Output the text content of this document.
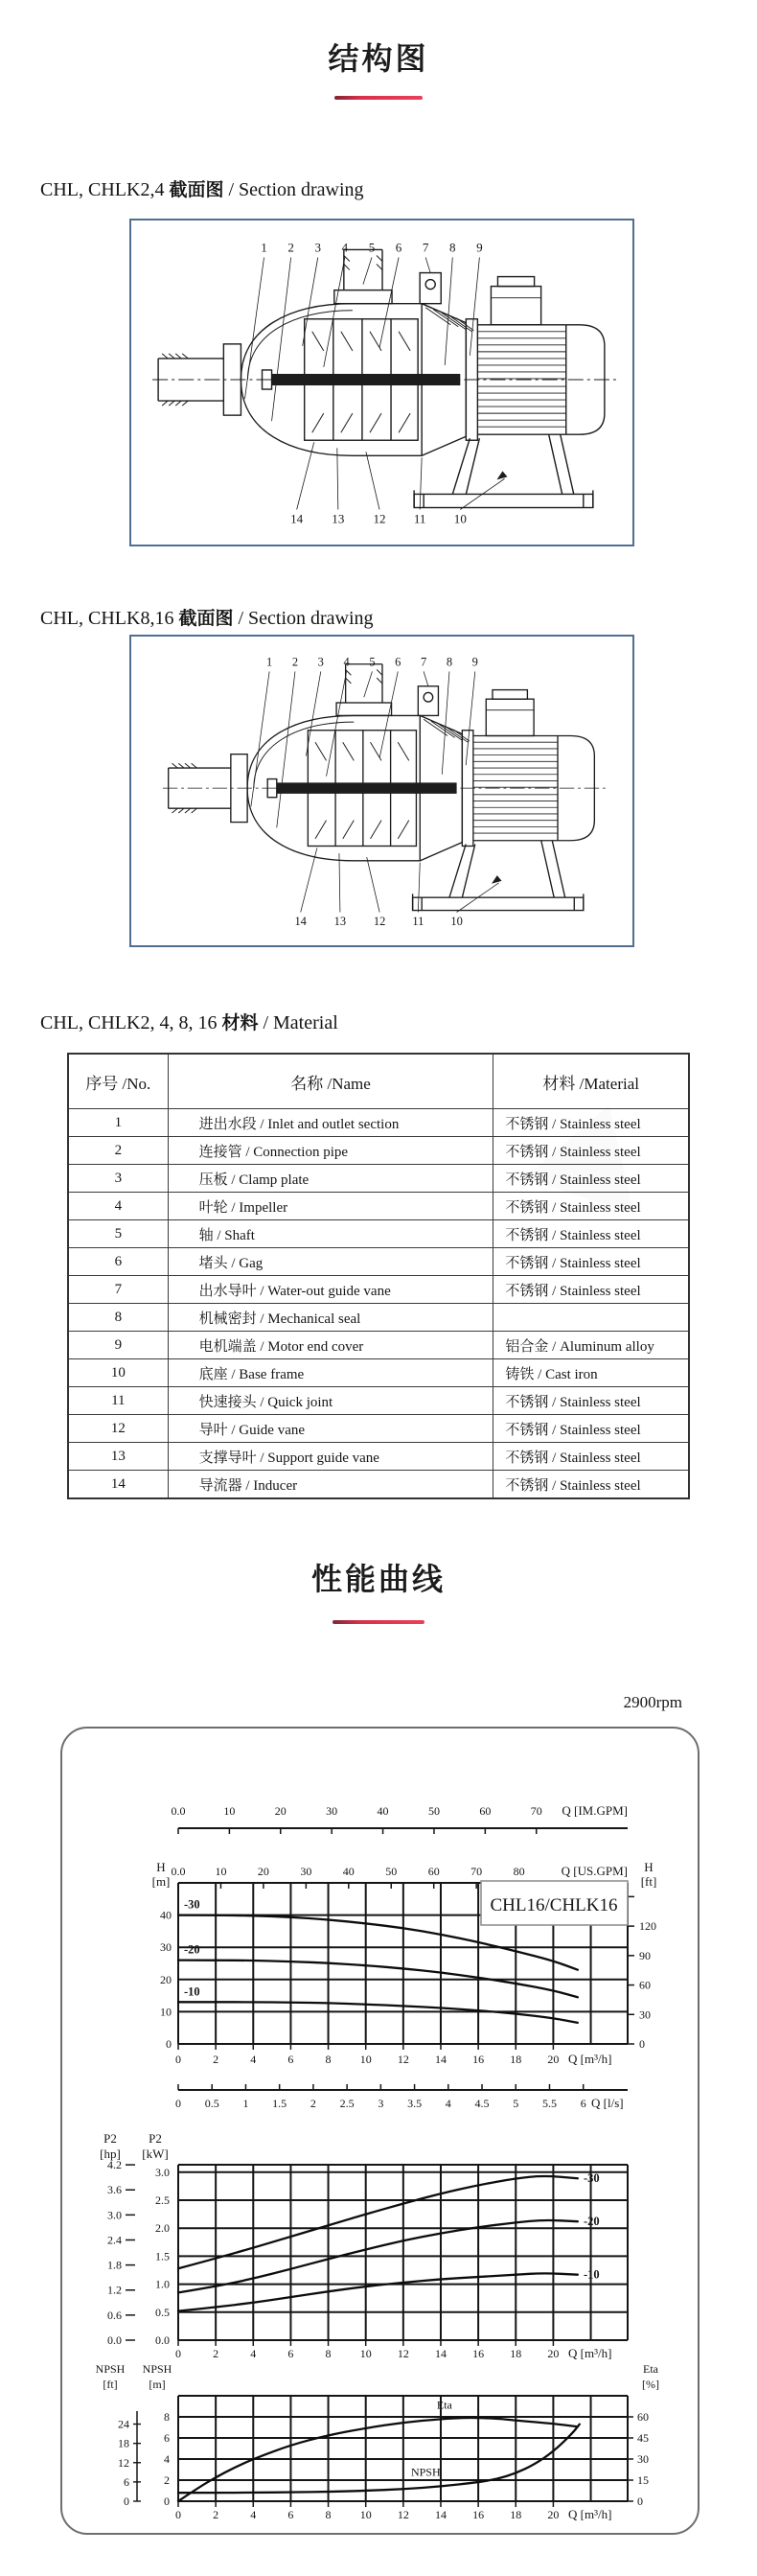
结构图
CHL, CHLK2,4 截面图 / Section drawing
1 2 3 4 5 6 7 8 9
14 13 12 11 10
CHL, CHLK8,16 截面图 / Section drawing
1 2 3 4 5 6 7 8 9
14 13 12 11 10
CHL, CHLK2, 4, 8, 16 材料 / Material
序号 /No.	名称 /Name	材料 /Material
1	进出水段 / Inlet and outlet section	不锈钢 / Stainless steel
2	连接管 / Connection pipe	不锈钢 / Stainless steel
3	压板 / Clamp plate	不锈钢 / Stainless steel
4	叶轮 / Impeller	不锈钢 / Stainless steel
5	轴 / Shaft	不锈钢 / Stainless steel
6	堵头 / Gag	不锈钢 / Stainless steel
7	出水导叶 / Water-out guide vane	不锈钢 / Stainless steel
8	机械密封 / Mechanical seal	
9	电机端盖 / Motor end cover	铝合金 / Aluminum alloy
10	底座 / Base frame	铸铁 / Cast iron
11	快速接头 / Quick joint	不锈钢 / Stainless steel
12	导叶 / Guide vane	不锈钢 / Stainless steel
13	支撑导叶 / Support guide vane	不锈钢 / Stainless steel
14	导流器 / Inducer	不锈钢 / Stainless steel
性能曲线
2900rpm
0.0	10	20	30	40	50	60	70 Q [IM.GPM]
0.0	10	20	30	40	50	60	70	80	Q [US.GPM]
H
[m]
40
30
20
10
0
H
[ft]
120
90
60
30
0
CHL16/CHLK16
-30
-20
-10
0	2	4	6	8	10 12 14 16 18 20 Q [m³/h]
0 0.5 1 1.5 2 2.5 3 3.5 4 4.5 5 5.5 6 Q [l/s]
P2
[hp]
P2
[kW]
4.2
3.6
3.0
2.4
1.8
1.2
0.6
0.0
3.0
2.5
2.0
1.5
1.0
0.5
0.0
-30
-20
-10
0	2	4	6	8	10 12 14 16 18 20 Q [m³/h]
NPSH
[ft]
NPSH
[m]
Eta
[%]
24
18
12
6
0
8
6
4
2
0
60
45
30
15
0
Eta
NPSH
0	2	4	6	8	10 12 14 16 18 20 Q [m³/h]
